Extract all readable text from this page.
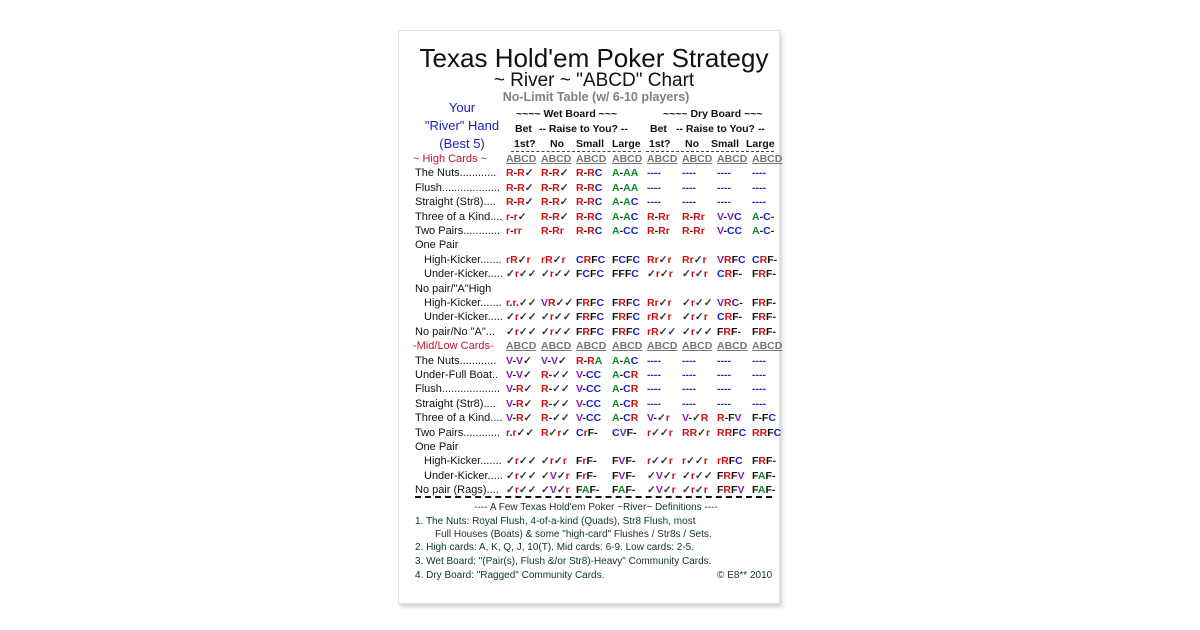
Texas Hold'em Poker Strategy
~ River ~ "ABCD" Chart
No-Limit Table (w/ 6-10 players)
Your
"River" Hand
(Best 5)
~~~~ Wet Board ~~~	~~~~ Dry Board ~~~
Bet -- Raise to You? -- Bet -- Raise to You? --
1st? No Small Large 1st? No Small Large
~ High Cards ~ ABCD ABCD ABCD ABCD ABCD ABCD ABCD ABCD
The Nuts............ R-R✓ R-R✓ R-RC A-AA ----	----	----	----
Flush................... R-R✓ R-R✓ R-RC A-AA ----	----	----	----
Straight (Str8).... R-R✓ R-R✓ R-RC A-AC ----	----	----	----
Three of a Kind.... r-r✓	R-R✓ R-RC A-AC R-Rr	R-Rr	V-VC A-C-
Two Pairs............ r-rr	R-Rr	R-RC A-CC R-Rr	R-Rr	V-CC A-C-
One Pair
High-Kicker....... rR✓r rR✓r CRFC FCFC Rr✓r Rr✓r VRFC CRF-
Under-Kicker..... ✓r✓✓ ✓r✓✓ FCFC FFFC ✓r✓r ✓r✓r CRF- FRF-
No pair/"A"High
High-Kicker....... r.r.✓✓ VR✓✓ FRFC FRFC Rr✓r ✓r✓✓ VRC- FRF-
Under-Kicker..... ✓r✓✓ ✓r✓✓ FRFC FRFC rR✓r ✓r✓r CRF- FRF-
No pair/No "A"... ✓r✓✓ ✓r✓✓ FRFC FRFC rR✓✓ ✓r✓✓ FRF-	FRF-
-Mid/Low Cards- ABCD ABCD ABCD ABCD ABCD ABCD ABCD ABCD
The Nuts............ V-V✓ V-V✓ R-RA A-AC ----	----	----	----
Under-Full Boat.. V-V✓ R-✓✓ V-CC	A-CR ----	----	----	----
Flush................... V-R✓ R-✓✓ V-CC	A-CR ----	----	----	----
Straight (Str8).... V-R✓ R-✓✓ V-CC	A-CR ----	----	----	----
Three of a Kind.... V-R✓ R-✓✓ V-CC	A-CR V-✓r	V-✓R R-FV F-FC
Two Pairs............ r.r✓✓ R✓r✓ CrF-	CVF- r✓✓r RR✓r RRFC RRFC
One Pair
High-Kicker....... ✓r✓✓ ✓r✓r FrF-	FVF-	r✓✓r r✓✓r rRFC FRF-
Under-Kicker..... ✓r✓✓ ✓V✓r FrF-	FVF-	✓V✓r ✓r✓✓ FRFV FAF-
No pair (Rags).... ✓r✓✓ ✓V✓r FAF-	FAF-	✓V✓r ✓r✓r FRFV FAF-
---- A Few Texas Hold'em Poker ~River~ Definitions ----
1. The Nuts: Royal Flush, 4-of-a-kind (Quads), Str8 Flush, most
Full Houses (Boats) & some "high-card" Flushes / Str8s / Sets.
2. High cards: A, K, Q, J, 10(T). Mid cards: 6-9. Low cards: 2-5.
3. Wet Board: "(Pair(s), Flush &/or Str8)-Heavy" Community Cards.
4. Dry Board: "Ragged" Community Cards.	© E8** 2010
